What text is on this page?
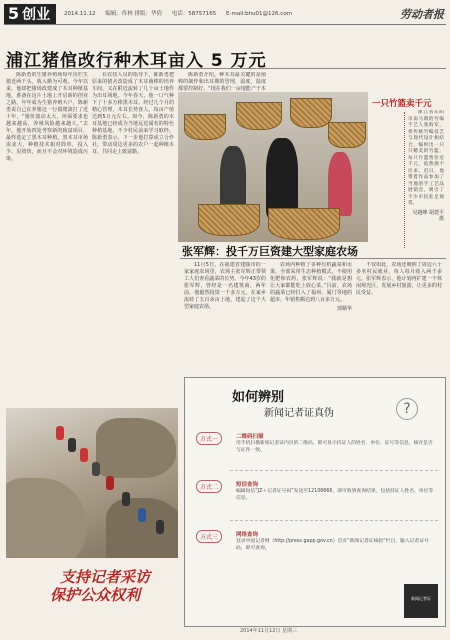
5 创业	2014.11.12 编辑：佟林 排版：华倩 电话：58757165 E-mail:bhu01@126.com	劳动者报
浦江猪倌改行种木耳亩入 5 万元

陈新勇的生猪养殖场每年出栏生猪近两千头，收入颇为可观。今年以来，他却把猪场改建成了木耳种植基地，准备在这片土地上开启新的创业之路。年年成为生猪养殖大户，陈新勇说自己在养猪这一行摸爬滚打了近十年，“猪价波动太大，环保要求也越来越高，养殖风险越来越大。”去年，他开始四处考察新的致富项目，最终选定了黑木耳种植。黑木耳市场需求大，种植技术相对简单，投入少、见效快，而且不会对环境造成污染。

在农技人员的指导下，陈新勇把原来的猪舍改造成了木耳菌棒的培养车间，又在附近流转了几十亩土地作为出耳场地。今年春天，他一口气种下了十多万棒黑木耳。经过几个月的精心管理，木耳长势喜人，每亩产值达到5万元左右。如今，陈新勇的木耳基地已经成为当地远近闻名的特色种植基地，不少村民前来学习取经。陈新勇表示，下一步他打算成立合作社，带动周边更多的农户一起种植木耳，共同走上致富路。

陈新勇介绍，种木耳最关键的是菌棒的制作和出耳期的管理，温度、湿度都要控制好。“现在我们一亩地能产干木

一只竹篮卖千元

浙江省东阳市南马镇的竹编手艺人张海军，将传统竹编技艺与现代设计相结合，编织出一只只精美的竹篮。每只竹篮售价近千元，依然供不应求。近日，他带着作品参加了当地的手工艺品展销会，吸引了不少市民驻足观赏。

吴越峰 胡建平 摄
张军辉：投千万巨资建大型家庭农场

11月5日，在福建省建瓯市的一家家庭农场里，农场主张军辉正带领工人们查看蔬菜的长势。今年43岁的张军辉，曾经是一名建筑商，两年前，他毅然投资一千多万元，在家乡流转了五百多亩土地，建起了这个大型家庭农场。

农场内种植了多种有机蔬菜和水果，全部采用生态种植模式，不使用化肥和农药。张军辉说：“我就是想让大家都能吃上放心菜。”目前，农场的蔬菜已经打入了福州、厦门等地的超市，年销售额达到八百多万元。

郭顺华

不仅如此，农场还吸纳了周边六十多名村民就业，每人每月收入两千多元。张军辉表示，他计划再扩建一个休闲观光区，发展乡村旅游，让更多的村民受益。

如何辨别
新闻记者证真伪	?
方式一	二维码扫描
用手机扫描新闻记者证内页的二维码，即可显示持证人的姓名、单位、证号等信息，核对是否与证件一致。
方式二	短信查询
编辑短信“JZ＋记者证号码”发送至12106666，即可收到查询结果，包括持证人姓名、单位等信息。
方式三	网络查询
登录中国记者网（http://press.gapp.gov.cn）首页“新闻记者证核验”栏目，输入记者证号码，即可查询。
新闻记者证
支持记者采访
保护公众权利
2014年11月12日 星期三
